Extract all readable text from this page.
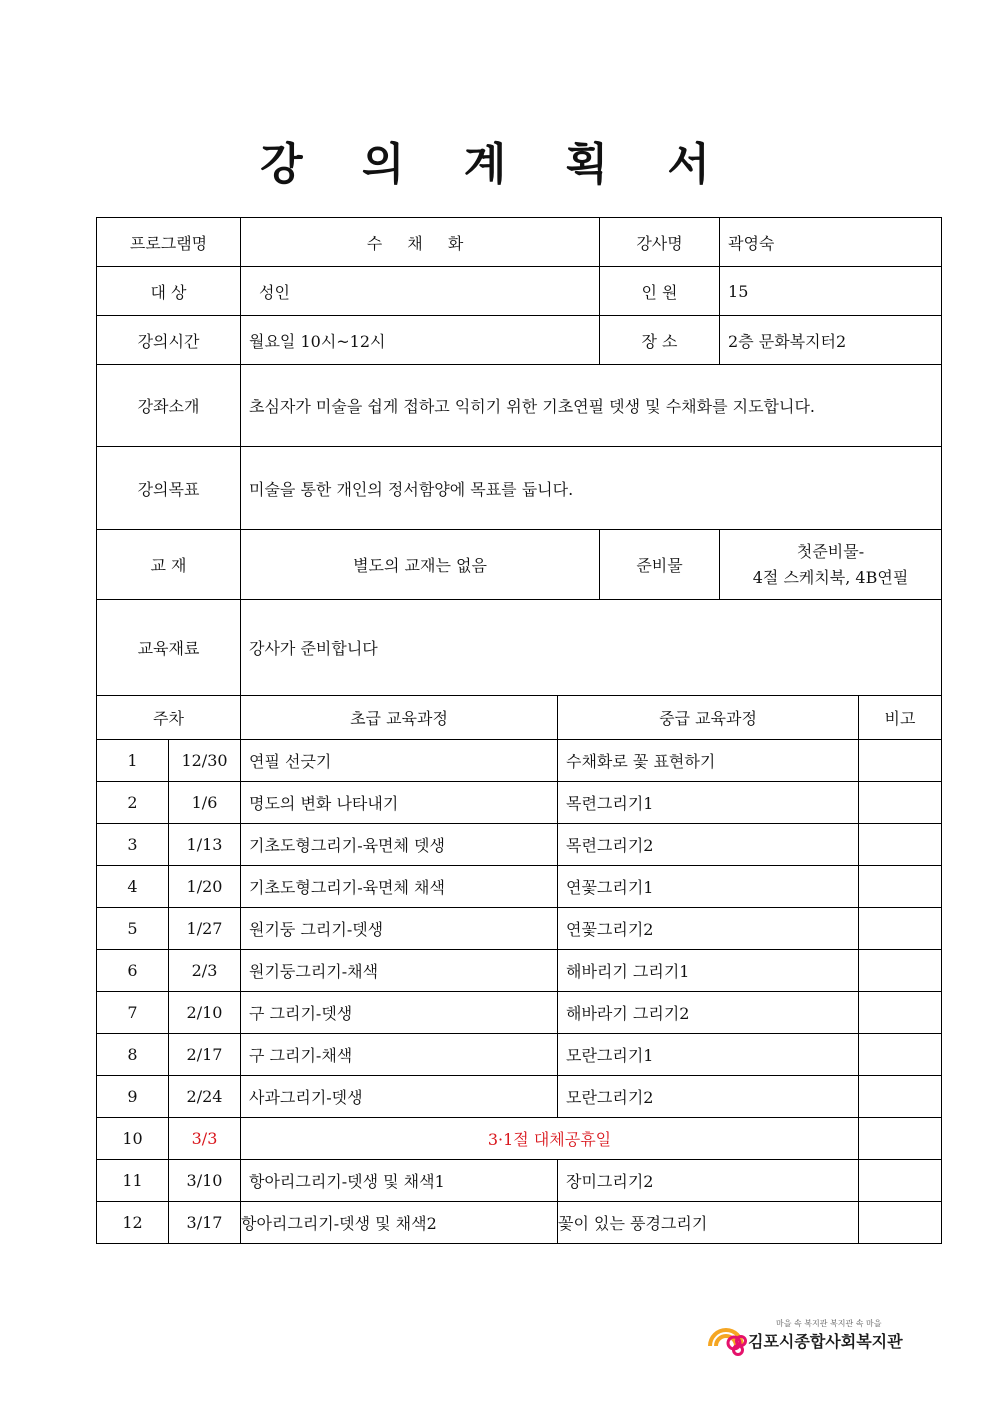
강 의 계 획 서
프로그램명		수 채 화		강사명	곽영숙	
대 상		성인		인 원	15	
강의시간		월요일 10시~12시		장 소	2층 문화복지터2	
강좌소개		초심자가 미술을 쉽게 접하고 익히기 위한 기초연필 뎃생 및 수채화를 지도합니다.				
강의목표		미술을 통한 개인의 정서함양에 목표를 둡니다.				
교 재		별도의 교재는 없음		준비물	첫준비물-
4절 스케치북, 4B연필	

교육재료		강사가 준비합니다				
주차		초급 교육과정	중급 교육과정			비고
1	12/30	연필 선긋기	수채화로 꽃 표현하기			
2	1/6	명도의 변화 나타내기	목련그리기1			
3	1/13	기초도형그리기-육면체 뎃생	목련그리기2			
4	1/20	기초도형그리기-육면체 채색	연꽃그리기1			
5	1/27	원기둥 그리기-뎃생	연꽃그리기2			
6	2/3	원기둥그리기-채색	해바리기 그리기1			
7	2/10	구 그리기-뎃생	해바라기 그리기2			
8	2/17	구 그리기-채색	모란그리기1			
9	2/24	사과그리기-뎃생	모란그리기2			
10	3/3	3·1절 대체공휴일				
11	3/10	항아리그리기-뎃생 및 채색1	장미그리기2			
12	3/17	항아리그리기-뎃생 및 채색2	꽃이 있는 풍경그리기			
마을 속 복지관 복지관 속 마을
김포시종합사회복지관
